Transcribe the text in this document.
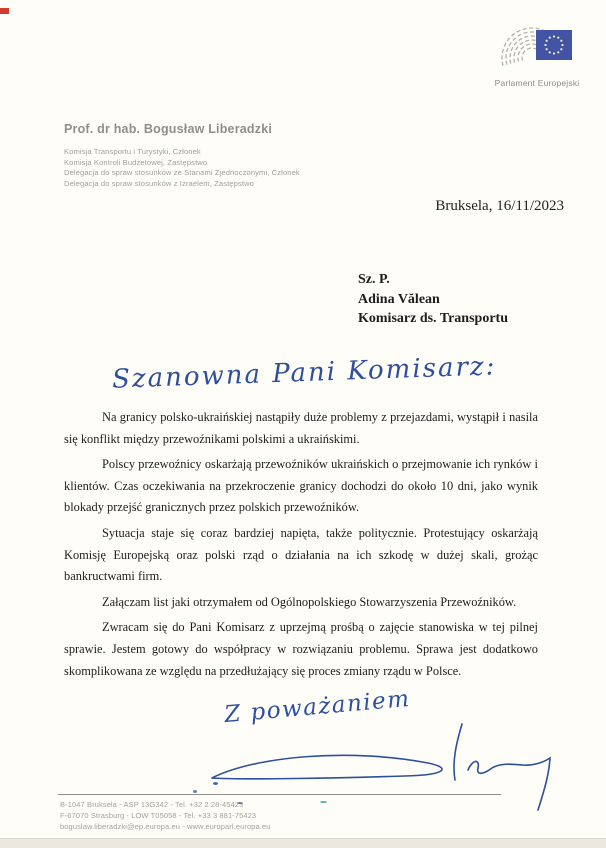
Parlament Europejski
Prof. dr hab. Bogusław Liberadzki
Komisja Transportu i Turystyki, Członek
Komisja Kontroli Budżetowej, Zastępstwo
Delegacja do spraw stosunków ze Stanami Zjednoczonymi, Członek
Delegacja do spraw stosunków z Izraelem, Zastępstwo
Bruksela, 16/11/2023
Sz. P.
Adina Vălean
Komisarz ds. Transportu
Szanowna Pani Komisarz:

Na granicy polsko-ukraińskiej nastąpiły duże problemy z przejazdami, wystąpił i nasila się konflikt między przewoźnikami polskimi a ukraińskimi.

Polscy przewoźnicy oskarżają przewoźników ukraińskich o przejmowanie ich rynków i klientów. Czas oczekiwania na przekroczenie granicy dochodzi do około 10 dni, jako wynik blokady przejść granicznych przez polskich przewoźników.

Sytuacja staje się coraz bardziej napięta, także politycznie. Protestujący oskarżają Komisję Europejską oraz polski rząd o działania na ich szkodę w dużej skali, grożąc bankructwami firm.

Załączam list jaki otrzymałem od Ogólnopolskiego Stowarzyszenia Przewoźników.

Zwracam się do Pani Komisarz z uprzejmą prośbą o zajęcie stanowiska w tej pilnej sprawie. Jestem gotowy do współpracy w rozwiązaniu problemu. Sprawa jest dodatkowo skomplikowana ze względu na przedłużający się proces zmiany rządu w Polsce.

Z poważaniem
B-1047 Bruksela - ASP 13G342 - Tel. +32 2 28-45423
F-67070 Strasburg - LOW T05058 - Tel. +33 3 881-75423
boguslaw.liberadzki@ep.europa.eu - www.europarl.europa.eu
